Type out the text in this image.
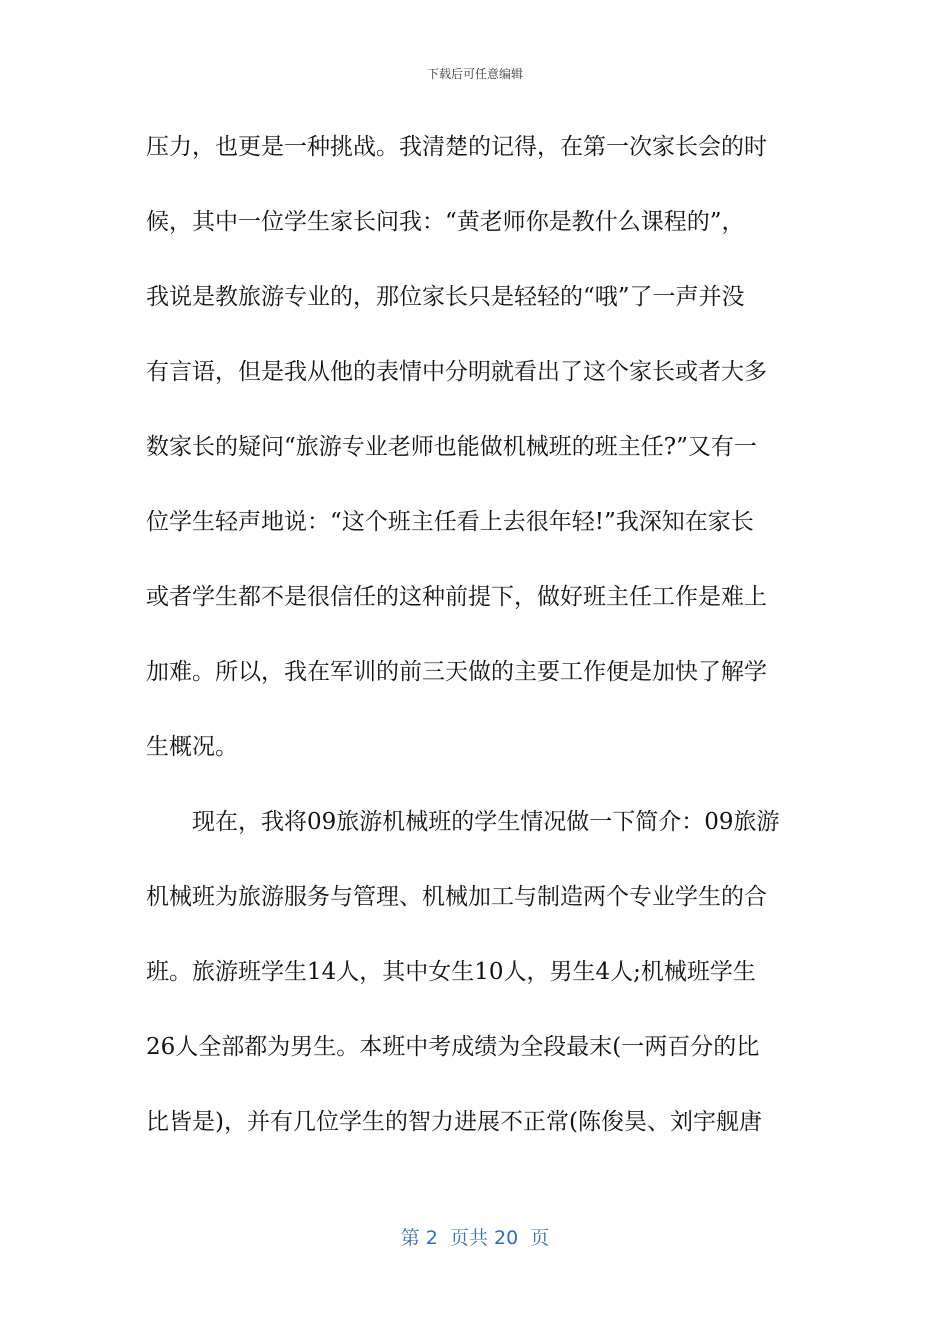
下载后可任意编辑
压力，也更是一种挑战。我清楚的记得，在第一次家长会的时
候，其中一位学生家长问我：“黄老师你是教什么课程的”，
我说是教旅游专业的，那位家长只是轻轻的“哦”了一声并没
有言语，但是我从他的表情中分明就看出了这个家长或者大多
数家长的疑问“旅游专业老师也能做机械班的班主任?”又有一
位学生轻声地说：“这个班主任看上去很年轻!”我深知在家长
或者学生都不是很信任的这种前提下，做好班主任工作是难上
加难。所以，我在军训的前三天做的主要工作便是加快了解学
生概况。
　　现在，我将09旅游机械班的学生情况做一下简介：09旅游
机械班为旅游服务与管理、机械加工与制造两个专业学生的合
班。旅游班学生14人，其中女生10人，男生4人;机械班学生
26人全部都为男生。本班中考成绩为全段最末(一两百分的比
比皆是)，并有几位学生的智力进展不正常(陈俊昊、刘宇舰唐
第 2  页共 20  页
